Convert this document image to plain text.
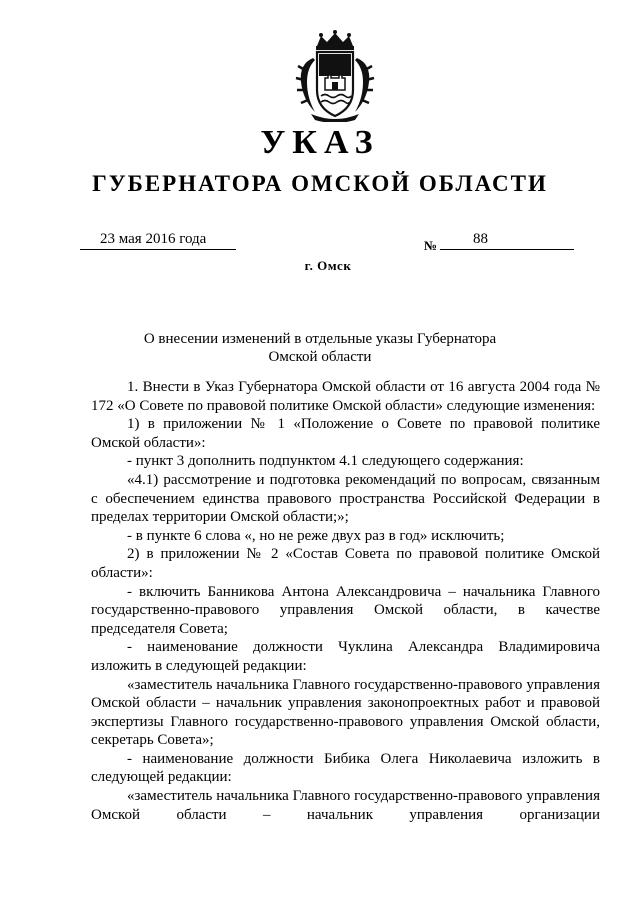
УКАЗ
ГУБЕРНАТОРА ОМСКОЙ ОБЛАСТИ
23 мая 2016 года	№ 88
г. Омск
О внесении изменений в отдельные указы Губернатора
Омской области

1. Внести в Указ Губернатора Омской области от 16 августа 2004 года № 172 «О Совете по правовой политике Омской области» следующие изменения:

1) в приложении № 1 «Положение о Совете по правовой политике Омской области»:

- пункт 3 дополнить подпунктом 4.1 следующего содержания:

«4.1) рассмотрение и подготовка рекомендаций по вопросам, связанным с обеспечением единства правового пространства Российской Федерации в пределах территории Омской области;»;

- в пункте 6 слова «, но не реже двух раз в год» исключить;

2) в приложении № 2 «Состав Совета по правовой политике Омской области»:

- включить Банникова Антона Александровича – начальника Главного государственно-правового управления Омской области, в качестве председателя Совета;

- наименование должности Чуклина Александра Владимировича изложить в следующей редакции:

«заместитель начальника Главного государственно-правового управления Омской области – начальник управления законопроектных работ и правовой экспертизы Главного государственно-правового управления Омской области, секретарь Совета»;

- наименование должности Бибика Олега Николаевича изложить в следующей редакции:

«заместитель начальника Главного государственно-правового управления Омской области – начальник управления организации
